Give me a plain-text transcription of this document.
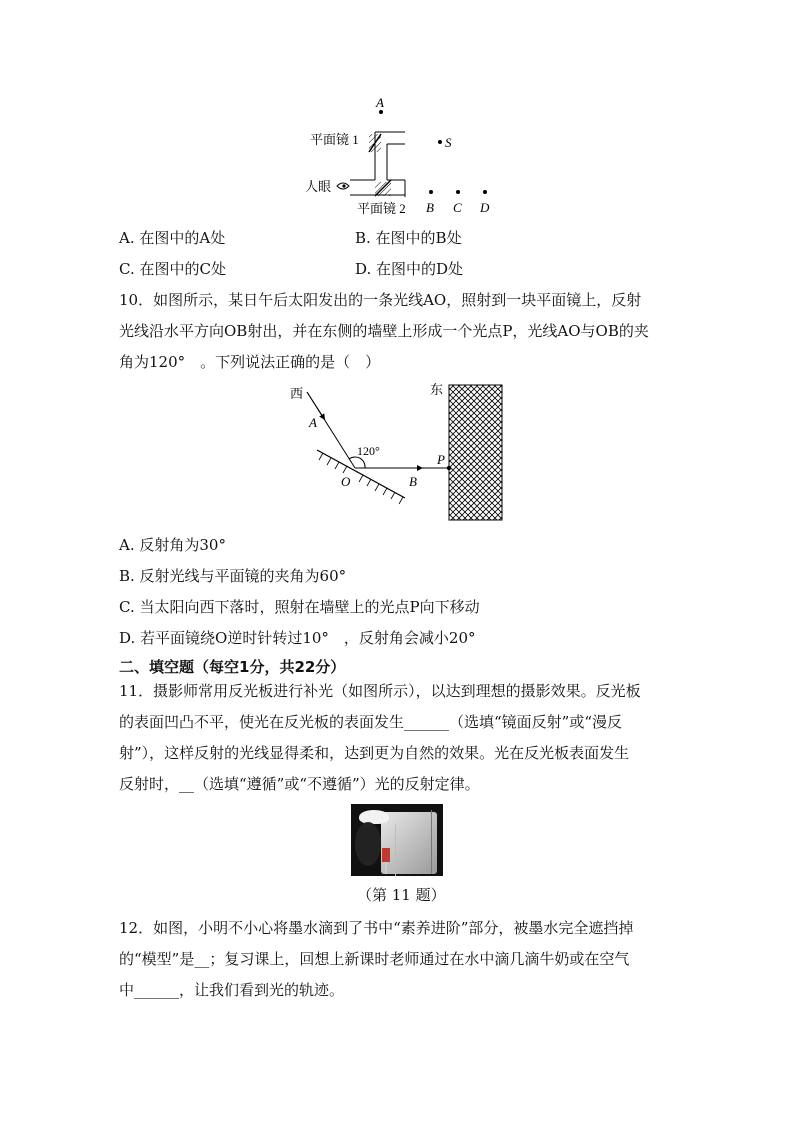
A
S
平面镜 1
人眼
平面镜 2 B C D
A. 在图中的A处	B. 在图中的B处
C. 在图中的C处	D. 在图中的D处
10．如图所示，某日午后太阳发出的一条光线AO，照射到一块平面镜上，反射
光线沿水平方向OB射出，并在东侧的墙壁上形成一个光点P，光线AO与OB的夹
角为120°　。下列说法正确的是（　）
西	东
120°
A
O	B
P
A. 反射角为30°
B. 反射光线与平面镜的夹角为60°
C. 当太阳向西下落时，照射在墙壁上的光点P向下移动
D. 若平面镜绕O逆时针转过10°　，反射角会减小20°
二、填空题（每空1分，共22分）
11．摄影师常用反光板进行补光（如图所示），以达到理想的摄影效果。反光板
的表面凹凸不平，使光在反光板的表面发生______（选填“镜面反射”或“漫反
射”），这样反射的光线显得柔和，达到更为自然的效果。光在反光板表面发生
反射时，__（选填“遵循”或“不遵循”）光的反射定律。
（第 11 题）
12．如图，小明不小心将墨水滴到了书中“素养进阶”部分，被墨水完全遮挡掉
的“模型”是__；复习课上，回想上新课时老师通过在水中滴几滴牛奶或在空气
中______，让我们看到光的轨迹。
